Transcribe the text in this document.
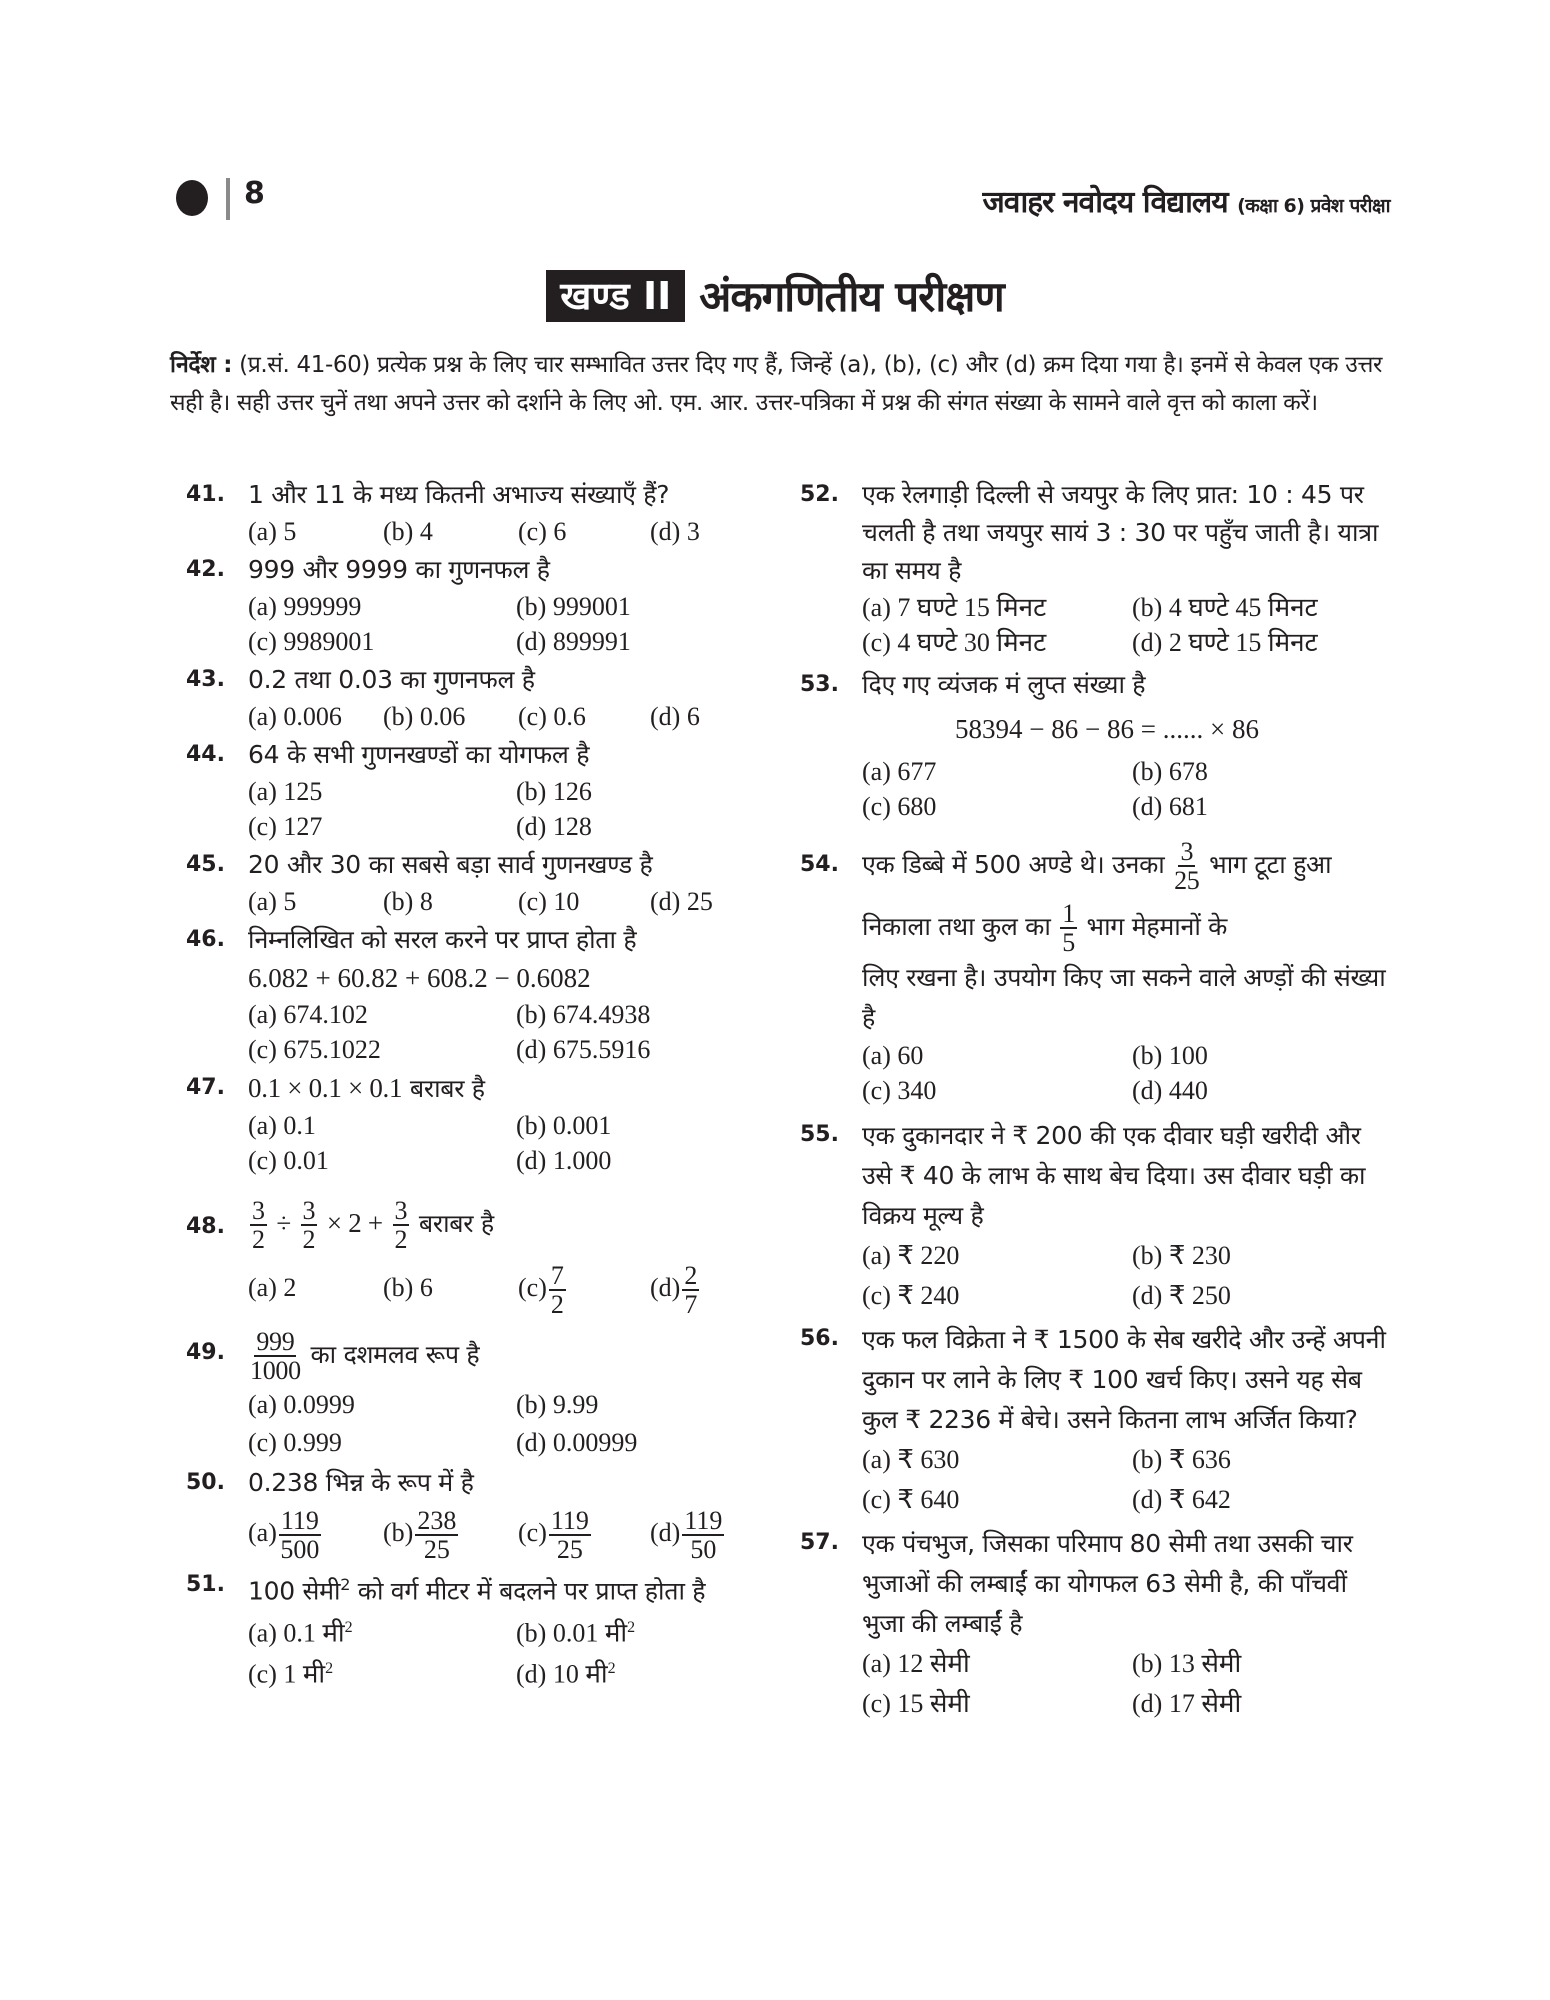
8	जवाहर नवोदय विद्यालय (कक्षा 6) प्रवेश परीक्षा
खण्ड II अंकगणितीय परीक्षण
निर्देश : (प्र.सं. 41-60) प्रत्येक प्रश्न के लिए चार सम्भावित उत्तर दिए गए हैं, जिन्हें (a), (b), (c) और (d) क्रम दिया गया है। इनमें से केवल एक उत्तर सही है। सही उत्तर चुनें तथा अपने उत्तर को दर्शाने के लिए ओ. एम. आर. उत्तर-पत्रिका में प्रश्न की संगत संख्या के सामने वाले वृत्त को काला करें।
41. 1 और 11 के मध्य कितनी अभाज्य संख्याएँ हैं?
(a) 5	(b) 4	(c) 6	(d) 3
42. 999 और 9999 का गुणनफल है
(a) 999999	(b) 999001
(c) 9989001	(d) 899991
43. 0.2 तथा 0.03 का गुणनफल है
(a) 0.006	(b) 0.06	(c) 0.6	(d) 6
44. 64 के सभी गुणनखण्डों का योगफल है
(a) 125	(b) 126
(c) 127	(d) 128
45. 20 और 30 का सबसे बड़ा सार्व गुणनखण्ड है
(a) 5	(b) 8	(c) 10	(d) 25
46. निम्नलिखित को सरल करने पर प्राप्त होता है
6.082 + 60.82 + 608.2 − 0.6082
(a) 674.102	(b) 674.4938
(c) 675.1022	(d) 675.5916
47. 0.1 × 0.1 × 0.1 बराबर है
(a) 0.1	(b) 0.001
(c) 0.01	(d) 1.000
48. $\frac{3}{2} \div \frac{3}{2} \times 2 + \frac{3}{2}$ बराबर है
(a) 2	(b) 6	$(c) \frac{7}{2}$	$(d) \frac{2}{7}$
49. $\frac{999}{1000}$ का दशमलव रूप है
(a) 0.0999	(b) 9.99
(c) 0.999	(d) 0.00999
50. 0.238 भिन्न के रूप में है
$(a) \frac{119}{500} (b) \frac{238}{25} (c) \frac{119}{25} (d) \frac{119}{50}$
51. 100 सेमी$^2$ को वर्ग मीटर में बदलने पर प्राप्त होता है
(a) 0.1 मी$^2$	(b) 0.01 मी$^2$
(c) 1 मी$^2$	(d) 10 मी$^2$
52. एक रेलगाड़ी दिल्ली से जयपुर के लिए प्रात: 10 : 45 पर चलती है तथा जयपुर सायं 3 : 30 पर पहुँच जाती है। यात्रा का समय है
(a) 7 घण्टे 15 मिनट	(b) 4 घण्टे 45 मिनट
(c) 4 घण्टे 30 मिनट	(d) 2 घण्टे 15 मिनट
53. दिए गए व्यंजक मं लुप्त संख्या है
58394 − 86 − 86 = ...... × 86
(a) 677	(b) 678
(c) 680	(d) 681
54. एक डिब्बे में 500 अण्डे थे। उनका $\frac{3}{25}$ भाग टूटा हुआ निकाला तथा कुल का $\frac{1}{5}$ भाग मेहमानों के
लिए रखना है। उपयोग किए जा सकने वाले अण्ड़ों की संख्या है
(a) 60	(b) 100
(c) 340	(d) 440
55. एक दुकानदार ने ₹ 200 की एक दीवार घड़ी खरीदी और उसे ₹ 40 के लाभ के साथ बेच दिया। उस दीवार घड़ी का विक्रय मूल्य है
(a) ₹ 220	(b) ₹ 230
(c) ₹ 240	(d) ₹ 250
56. एक फल विक्रेता ने ₹ 1500 के सेब खरीदे और उन्हें अपनी दुकान पर लाने के लिए ₹ 100 खर्च किए। उसने यह सेब कुल ₹ 2236 में बेचे। उसने कितना लाभ अर्जित किया?
(a) ₹ 630	(b) ₹ 636
(c) ₹ 640	(d) ₹ 642
57. एक पंचभुज, जिसका परिमाप 80 सेमी तथा उसकी चार भुजाओं की लम्बाईं का योगफल 63 सेमी है, की पाँचवीं भुजा की लम्बाईं है
(a) 12 सेमी	(b) 13 सेमी
(c) 15 सेमी	(d) 17 सेमी
